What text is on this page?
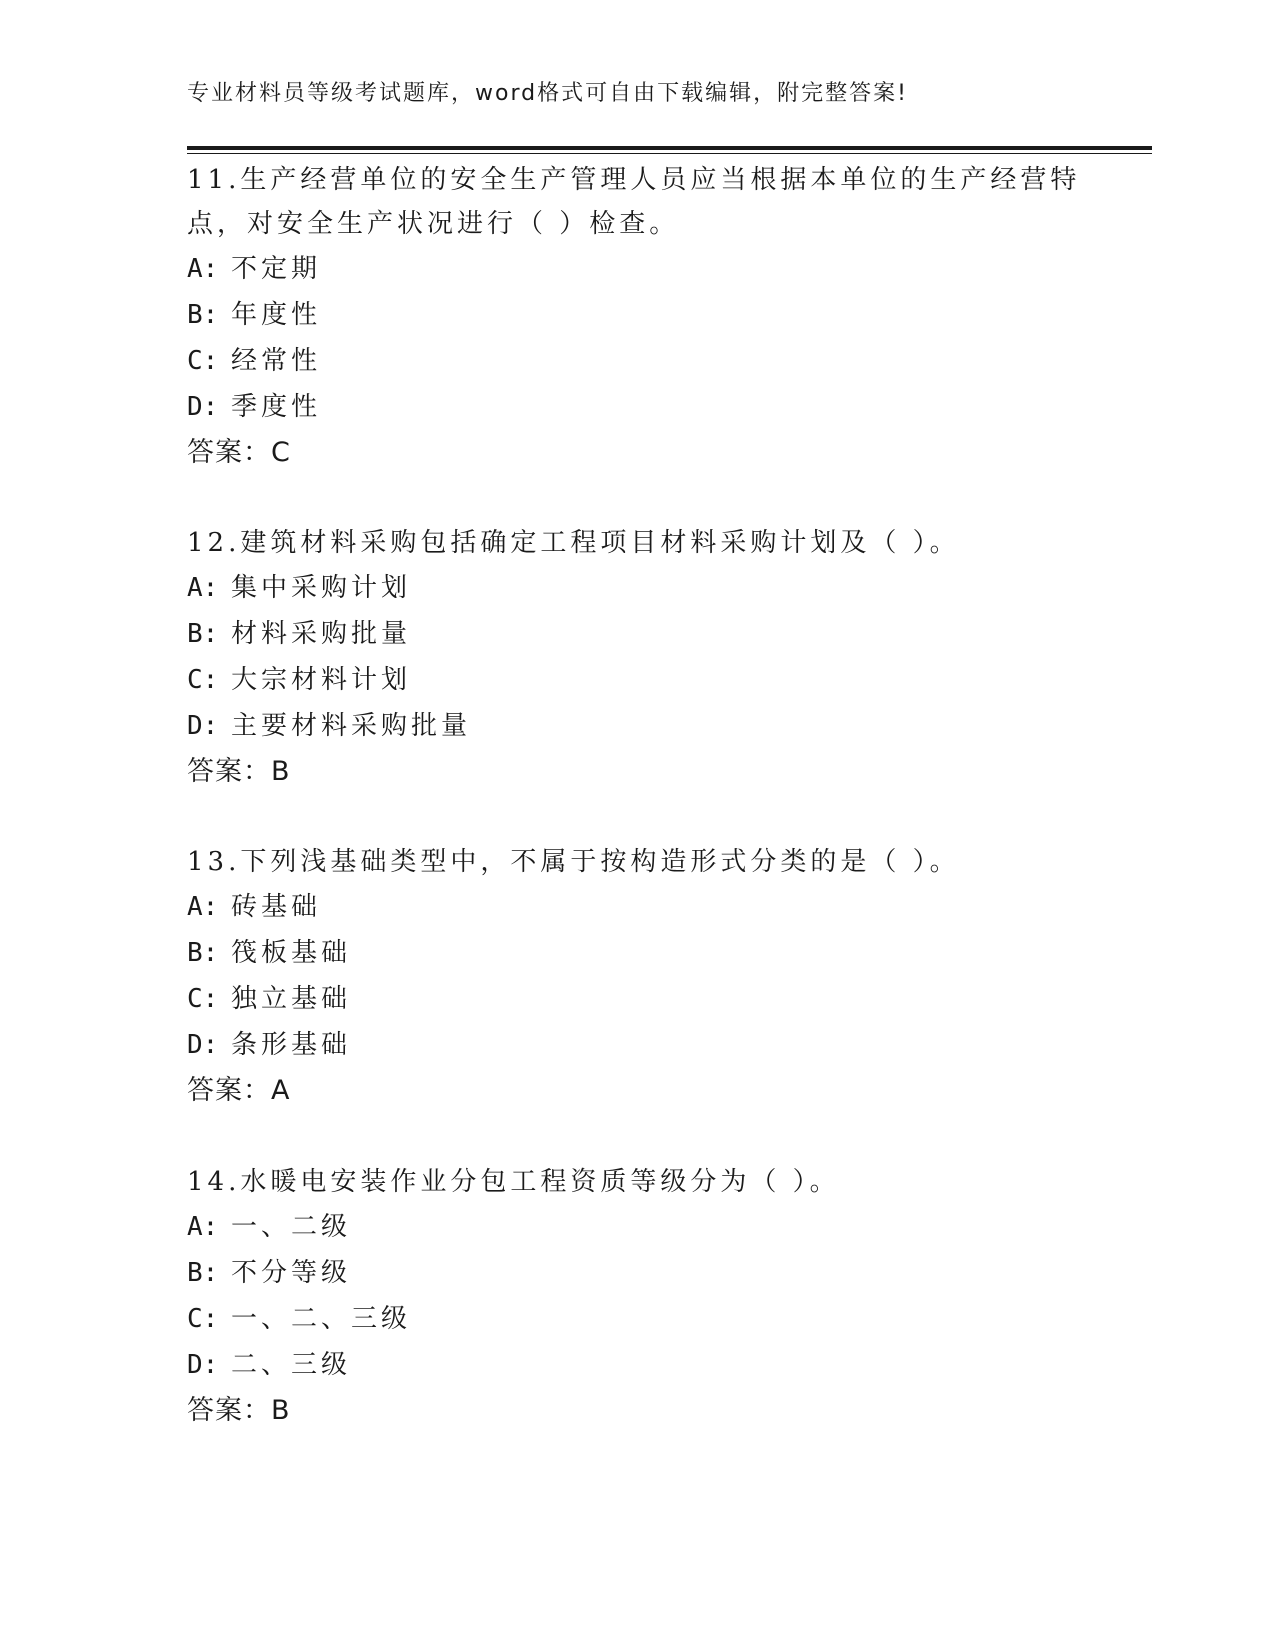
专业材料员等级考试题库，word格式可自由下载编辑，附完整答案!

11.生产经营单位的安全生产管理人员应当根据本单位的生产经营特点，对安全生产状况进行（ ）检查。

A: 不定期

B: 年度性

C: 经常性

D: 季度性

答案：C

12.建筑材料采购包括确定工程项目材料采购计划及（ ）。

A: 集中采购计划

B: 材料采购批量

C: 大宗材料计划

D: 主要材料采购批量

答案：B

13.下列浅基础类型中，不属于按构造形式分类的是（ ）。

A: 砖基础

B: 筏板基础

C: 独立基础

D: 条形基础

答案：A

14.水暖电安装作业分包工程资质等级分为（ ）。

A: 一、二级

B: 不分等级

C: 一、二、三级

D: 二、三级

答案：B
